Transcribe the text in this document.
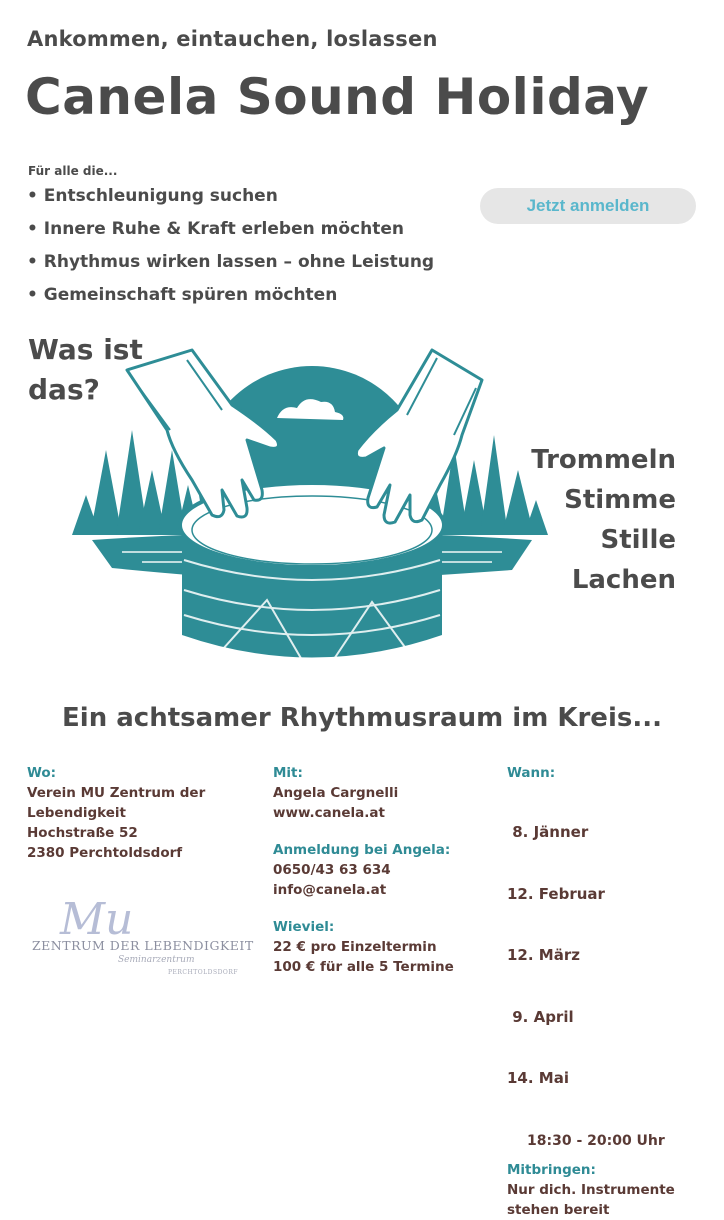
Ankommen, eintauchen, loslassen
Canela Sound Holiday
Für alle die...
• Entschleunigung suchen
• Innere Ruhe & Kraft erleben möchten
• Rhythmus wirken lassen – ohne Leistung
• Gemeinschaft spüren möchten
Jetzt anmelden
Was ist das?
Trommeln
Stimme
Stille
Lachen
Ein achtsamer Rhythmusraum im Kreis...
Wo:
Verein MU Zentrum der
Lebendigkeit
Hochstraße 52
2380 Perchtoldsdorf
Mu
ZENTRUM DER LEBENDIGKEIT
Seminarzentrum
PERCHTOLDSDORF
Mit:
Angela Cargnelli
www.canela.at
Anmeldung bei Angela:
0650/43 63 634
info@canela.at
Wieviel:
22 € pro Einzeltermin
100 € für alle 5 Termine
Wann:

8. Jänner

12. Februar

12. März

9. April

14. Mai

18:30 - 20:00 Uhr
Mitbringen:
Nur dich. Instrumente
stehen bereit
